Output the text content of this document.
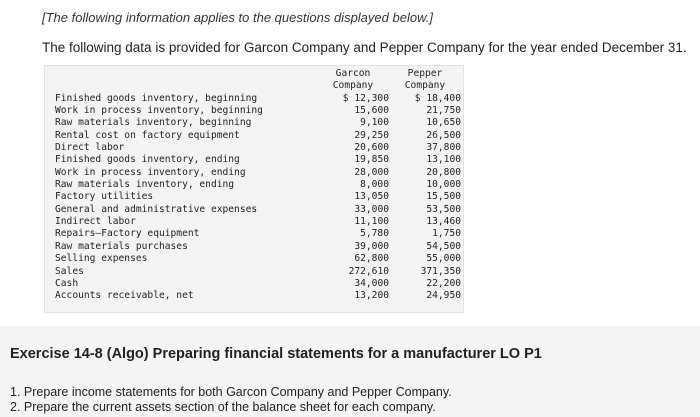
[The following information applies to the questions displayed below.]
The following data is provided for Garcon Company and Pepper Company for the year ended December 31.
	Garcon	Pepper
	Company	Company
Finished goods inventory, beginning	$ 12,300	$ 18,400
Work in process inventory, beginning	15,600	21,750
Raw materials inventory, beginning	9,100	10,650
Rental cost on factory equipment	29,250	26,500
Direct labor	20,600	37,800
Finished goods inventory, ending	19,850	13,100
Work in process inventory, ending	28,000	20,800
Raw materials inventory, ending	8,000	10,000
Factory utilities	13,050	15,500
General and administrative expenses	33,000	53,500
Indirect labor	11,100	13,460
Repairs—Factory equipment	5,780	1,750
Raw materials purchases	39,000	54,500
Selling expenses	62,800	55,000
Sales	272,610	371,350
Cash	34,000	22,200
Accounts receivable, net	13,200	24,950
Exercise 14-8 (Algo) Preparing financial statements for a manufacturer LO P1
1. Prepare income statements for both Garcon Company and Pepper Company.
2. Prepare the current assets section of the balance sheet for each company.
